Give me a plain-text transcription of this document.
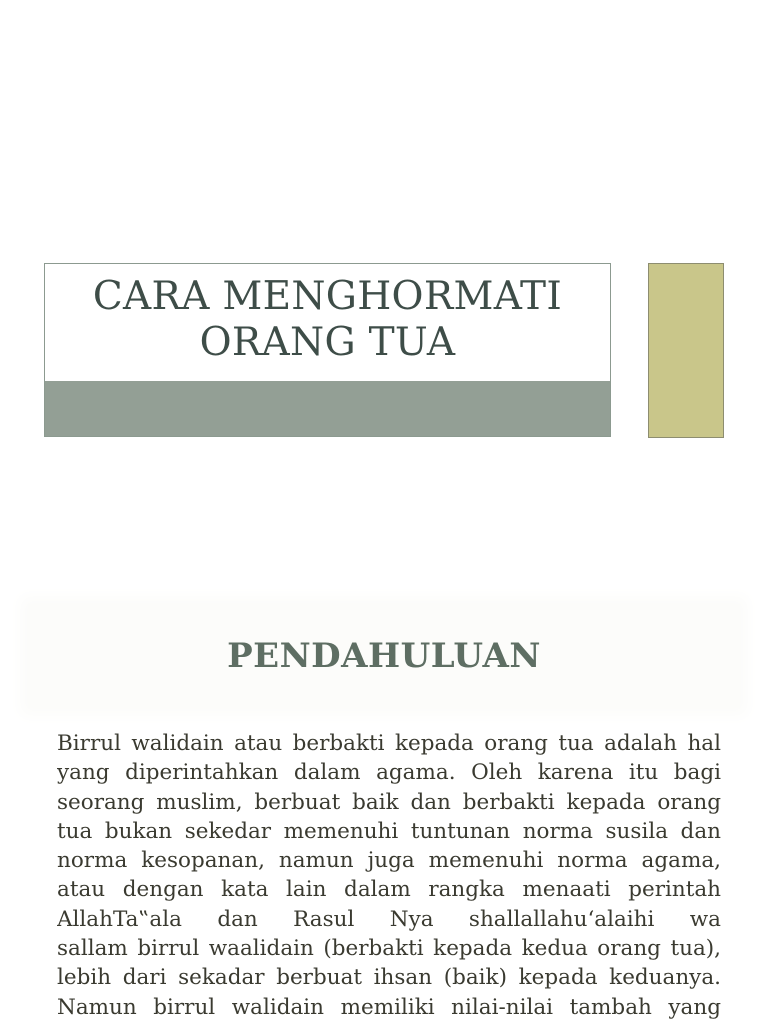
CARA MENGHORMATI
ORANG TUA
PENDAHULUAN
Birrul walidain atau berbakti kepada orang tua adalah hal
yang diperintahkan dalam agama. Oleh karena itu bagi
seorang muslim, berbuat baik dan berbakti kepada orang
tua bukan sekedar memenuhi tuntunan norma susila dan
norma kesopanan, namun juga memenuhi norma agama,
atau dengan kata lain dalam rangka menaati perintah
AllahTa‟ala dan Rasul Nya shallallahu‘alaihi wa
sallam birrul waalidain (berbakti kepada kedua orang tua),
lebih dari sekadar berbuat ihsan (baik) kepada keduanya.
Namun birrul walidain memiliki nilai-nilai tambah yang
